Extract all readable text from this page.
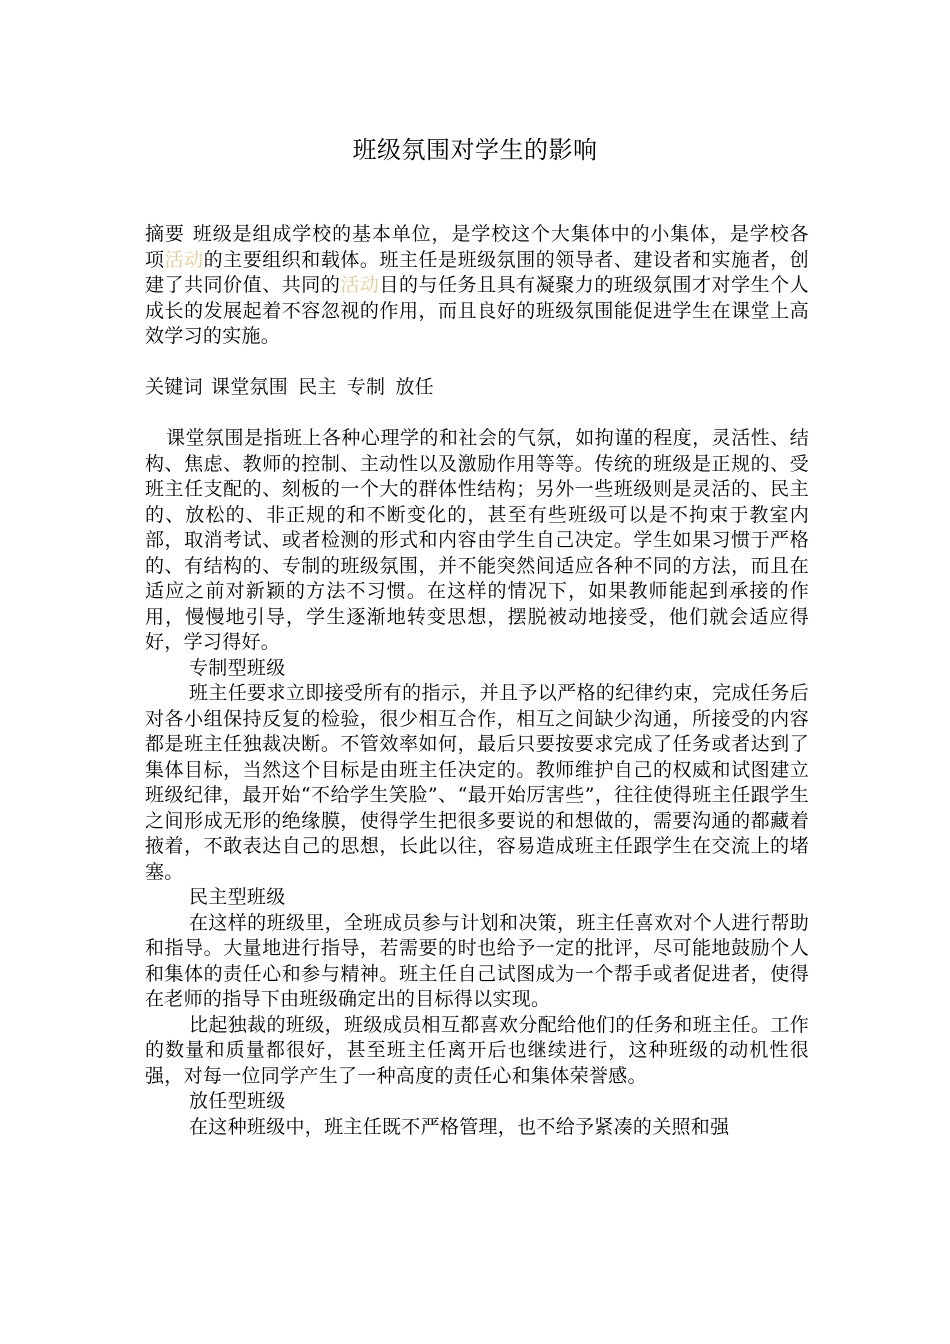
班级氛围对学生的影响

摘要 班级是组成学校的基本单位，是学校这个大集体中的小集体，是学校各项活动的主要组织和载体。班主任是班级氛围的领导者、建设者和实施者，创建了共同价值、共同的活动目的与任务且具有凝聚力的班级氛围才对学生个人成长的发展起着不容忽视的作用，而且良好的班级氛围能促进学生在课堂上高效学习的实施。

关键词 课堂氛围 民主 专制 放任

课堂氛围是指班上各种心理学的和社会的气氛，如拘谨的程度，灵活性、结构、焦虑、教师的控制、主动性以及激励作用等等。传统的班级是正规的、受班主任支配的、刻板的一个大的群体性结构；另外一些班级则是灵活的、民主的、放松的、非正规的和不断变化的，甚至有些班级可以是不拘束于教室内部，取消考试、或者检测的形式和内容由学生自己决定。学生如果习惯于严格的、有结构的、专制的班级氛围，并不能突然间适应各种不同的方法，而且在适应之前对新颖的方法不习惯。在这样的情况下，如果教师能起到承接的作用，慢慢地引导，学生逐渐地转变思想，摆脱被动地接受，他们就会适应得好，学习得好。

专制型班级

班主任要求立即接受所有的指示，并且予以严格的纪律约束，完成任务后对各小组保持反复的检验，很少相互合作，相互之间缺少沟通，所接受的内容都是班主任独裁决断。不管效率如何，最后只要按要求完成了任务或者达到了集体目标，当然这个目标是由班主任决定的。教师维护自己的权威和试图建立班级纪律，最开始“不给学生笑脸”、“最开始厉害些”，往往使得班主任跟学生之间形成无形的绝缘膜，使得学生把很多要说的和想做的，需要沟通的都藏着掖着，不敢表达自己的思想，长此以往，容易造成班主任跟学生在交流上的堵塞。

民主型班级

在这样的班级里，全班成员参与计划和决策，班主任喜欢对个人进行帮助和指导。大量地进行指导，若需要的时也给予一定的批评，尽可能地鼓励个人和集体的责任心和参与精神。班主任自己试图成为一个帮手或者促进者，使得在老师的指导下由班级确定出的目标得以实现。

比起独裁的班级，班级成员相互都喜欢分配给他们的任务和班主任。工作的数量和质量都很好，甚至班主任离开后也继续进行，这种班级的动机性很强，对每一位同学产生了一种高度的责任心和集体荣誉感。

放任型班级

在这种班级中，班主任既不严格管理，也不给予紧凑的关照和强
